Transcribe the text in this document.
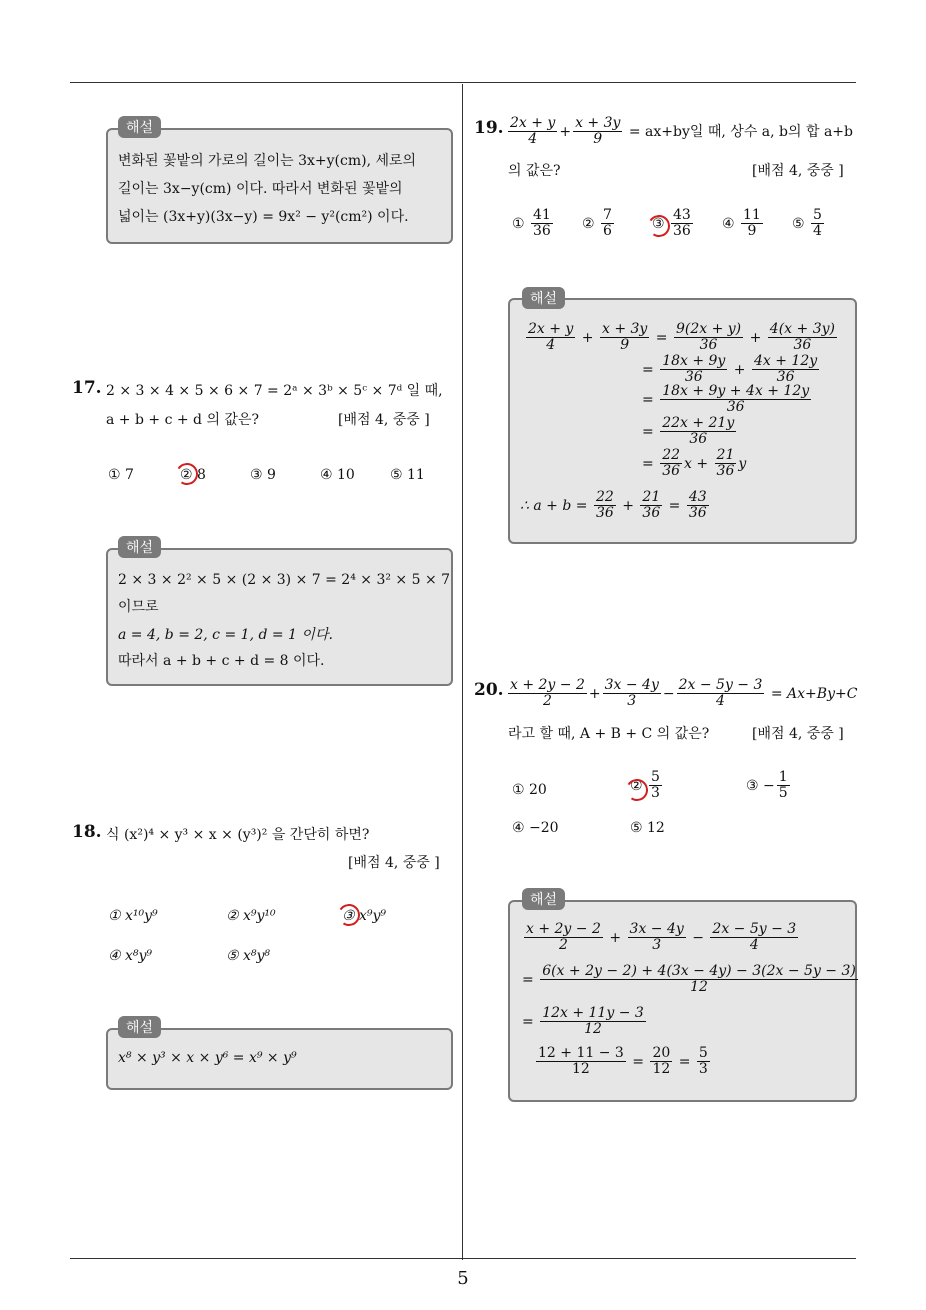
5
변화된 꽃밭의 가로의 길이는 3x+y(cm), 세로의
길이는 3x−y(cm) 이다. 따라서 변화된 꽃밭의
넓이는 (3x+y)(3x−y) = 9x² − y²(cm²) 이다.
해설
17. 2 × 3 × 4 × 5 × 6 × 7 = 2ᵃ × 3ᵇ × 5ᶜ × 7ᵈ 일 때,
a + b + c + d 의 값은?	[배점 4, 중중 ]
① 7	② 8	③ 9	④ 10	⑤ 11
2 × 3 × 2² × 5 × (2 × 3) × 7 = 2⁴ × 3² × 5 × 7
이므로
a = 4, b = 2, c = 1, d = 1 이다.
따라서 a + b + c + d = 8 이다.
해설
18. 식 (x²)⁴ × y³ × x × (y³)² 을 간단히 하면?
[배점 4, 중중 ]
① x¹⁰y⁹	② x⁹y¹⁰	③ x⁹y⁹
④ x⁸y⁹	⑤ x⁸y⁸
x⁸ × y³ × x × y⁶ = x⁹ × y⁹
해설
19. $\frac{2x + y}{4} + \frac{x + 3y}{9} = ax+by$일 때, 상수 a, b의 합 a+b
의 값은?	[배점 4, 중중 ]
① $\frac{41}{36}$ ② $\frac{7}{6}$	③ $\frac{43}{36}$ ④ $\frac{11}{9}$ ⑤ $\frac{5}{4}$
$\frac{2x + y}{4} + \frac{x + 3y}{9} = \frac{9(2x + y)}{36} + \frac{4(x + 3y)}{36}$
= $\frac{18x + 9y}{36} + \frac{4x + 12y}{36}$
= $\frac{18x + 9y + 4x + 12y}{36}$
= $\frac{22x + 21y}{36}$
= $\frac{22}{36}$ $x + \frac{21}{36}$ y
∴ $a + b = \frac{22}{36} + \frac{21}{36} = \frac{43}{36}$
해설
20. $\frac{x + 2y - 2}{2} + \frac{3x - 4y}{3} - \frac{2x - 5y - 3}{4} = Ax+By+C$
라고 할 때, A + B + C 의 값은?	[배점 4, 중중 ]
① 20	② $\frac{5}{3}$	③ − $\frac{1}{5}$
④ −20	⑤ 12
$\frac{x + 2y - 2}{2} + \frac{3x - 4y}{3} - \frac{2x - 5y - 3}{4}$
= $\frac{6(x + 2y - 2) + 4(3x - 4y) - 3(2x - 5y - 3)}{12}$
= $\frac{12x + 11y - 3}{12}$
$\frac{12 + 11 - 3}{12} = \frac{20}{12} = \frac{5}{3}$
해설
